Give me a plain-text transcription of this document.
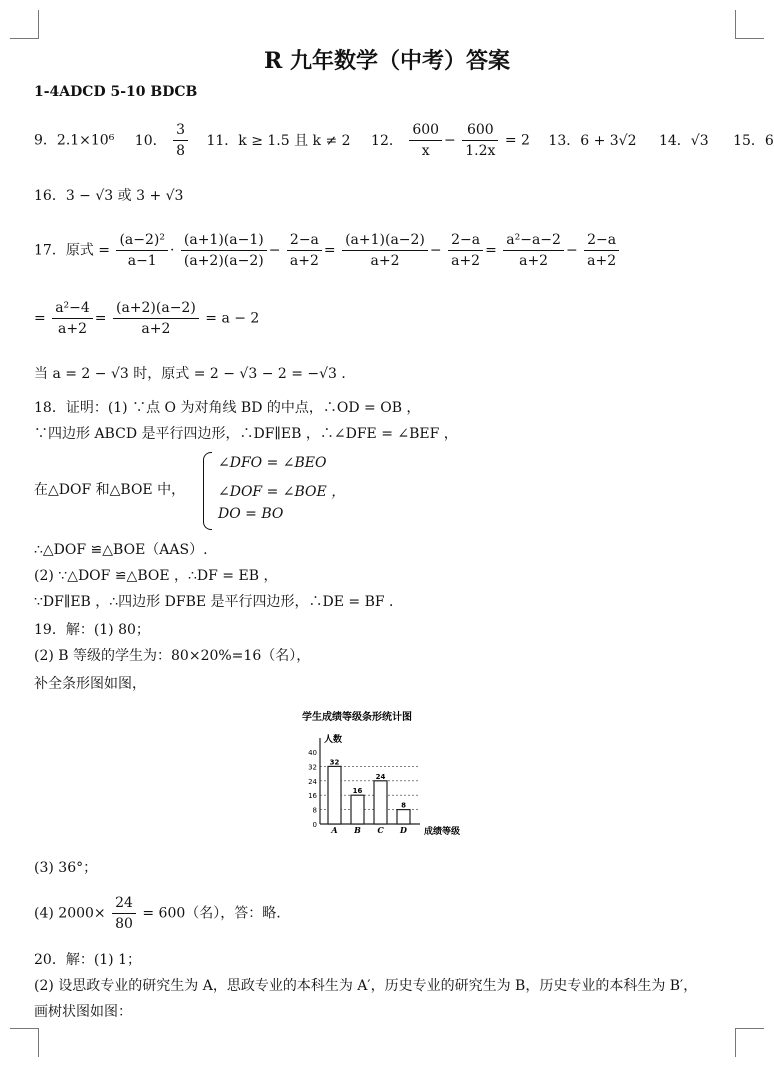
R 九年数学（中考）答案
1-4ADCD 5-10 BDCB
9．2.1×10⁶ 10． $\frac{3}{8} 11$．k ≥ 1.5 且 k ≠ 2 12． $\frac{600}{x} - \frac{600}{1.2x} = 2$ 13．6 + 3√2 14．√3 15．6
16．3 − √3 或 3 + √3
17．原式 = $\frac{\text{(a−2)²}}{a-1} \cdot \frac{(a+1)(a-1)}{(a+2)(a-2)} - \frac{2-a}{a+2} = \frac{(a+1)(a-2)}{a+2} - \frac{2-a}{a+2} = \frac{\text{a²−a−2}}{a+2} - \frac{2-a}{a+2}$
= $\frac{\text{a²−4}}{a+2} = \frac{(a+2)(a-2)}{a+2} = a - 2$
当 a = 2 − √3 时，原式 = 2 − √3 − 2 = −√3 ．
18．证明：(1) ∵点 O 为对角线 BD 的中点，∴OD = OB ，
∵四边形 ABCD 是平行四边形，∴DF∥EB ，∴∠DFE = ∠BEF ，
在△DOF 和△BOE 中，
∠DFO = ∠BEO
∠DOF = ∠BOE ，
DO = BO
∴△DOF ≌△BOE（AAS）.
(2) ∵△DOF ≌△BOE ，∴DF = EB ，
∵DF∥EB ，∴四边形 DFBE 是平行四边形，∴DE = BF ．
19．解：(1) 80；
(2) B 等级的学生为：80×20%=16（名），
补全条形图如图，
学生成绩等级条形统计图
人数
成绩等级
0
8
16
24
32
40
32
A
16
B
24
C
8
D
(3) 36°；
(4) $2000\times \frac{24}{80} = 600$（名），答：略.
20．解：(1) 1；
(2) 设思政专业的研究生为 A，思政专业的本科生为 A′，历史专业的研究生为 B，历史专业的本科生为 B′，
画树状图如图：
